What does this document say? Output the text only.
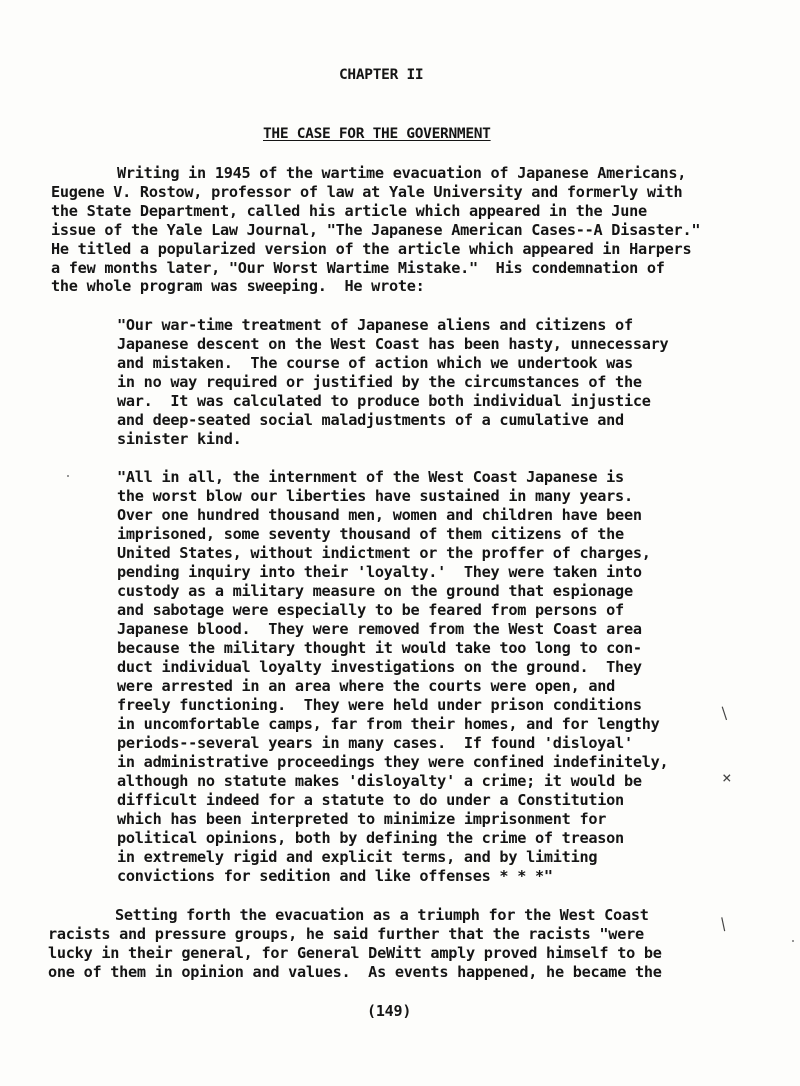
CHAPTER II
THE CASE FOR THE GOVERNMENT
Writing in 1945 of the wartime evacuation of Japanese Americans,
Eugene V. Rostow, professor of law at Yale University and formerly with
the State Department, called his article which appeared in the June
issue of the Yale Law Journal, "The Japanese American Cases--A Disaster."
He titled a popularized version of the article which appeared in Harpers
a few months later, "Our Worst Wartime Mistake."  His condemnation of
the whole program was sweeping.  He wrote:
"Our war-time treatment of Japanese aliens and citizens of
Japanese descent on the West Coast has been hasty, unnecessary
and mistaken.  The course of action which we undertook was
in no way required or justified by the circumstances of the
war.  It was calculated to produce both individual injustice
and deep-seated social maladjustments of a cumulative and
sinister kind.
"All in all, the internment of the West Coast Japanese is
the worst blow our liberties have sustained in many years.
Over one hundred thousand men, women and children have been
imprisoned, some seventy thousand of them citizens of the
United States, without indictment or the proffer of charges,
pending inquiry into their 'loyalty.'  They were taken into
custody as a military measure on the ground that espionage
and sabotage were especially to be feared from persons of
Japanese blood.  They were removed from the West Coast area
because the military thought it would take too long to con-
duct individual loyalty investigations on the ground.  They
were arrested in an area where the courts were open, and
freely functioning.  They were held under prison conditions
in uncomfortable camps, far from their homes, and for lengthy
periods--several years in many cases.  If found 'disloyal'
in administrative proceedings they were confined indefinitely,
although no statute makes 'disloyalty' a crime; it would be
difficult indeed for a statute to do under a Constitution
which has been interpreted to minimize imprisonment for
political opinions, both by defining the crime of treason
in extremely rigid and explicit terms, and by limiting
convictions for sedition and like offenses * * *"
Setting forth the evacuation as a triumph for the West Coast
racists and pressure groups, he said further that the racists "were
lucky in their general, for General DeWitt amply proved himself to be
one of them in opinion and values.  As events happened, he became the
(149)
|
×
|
